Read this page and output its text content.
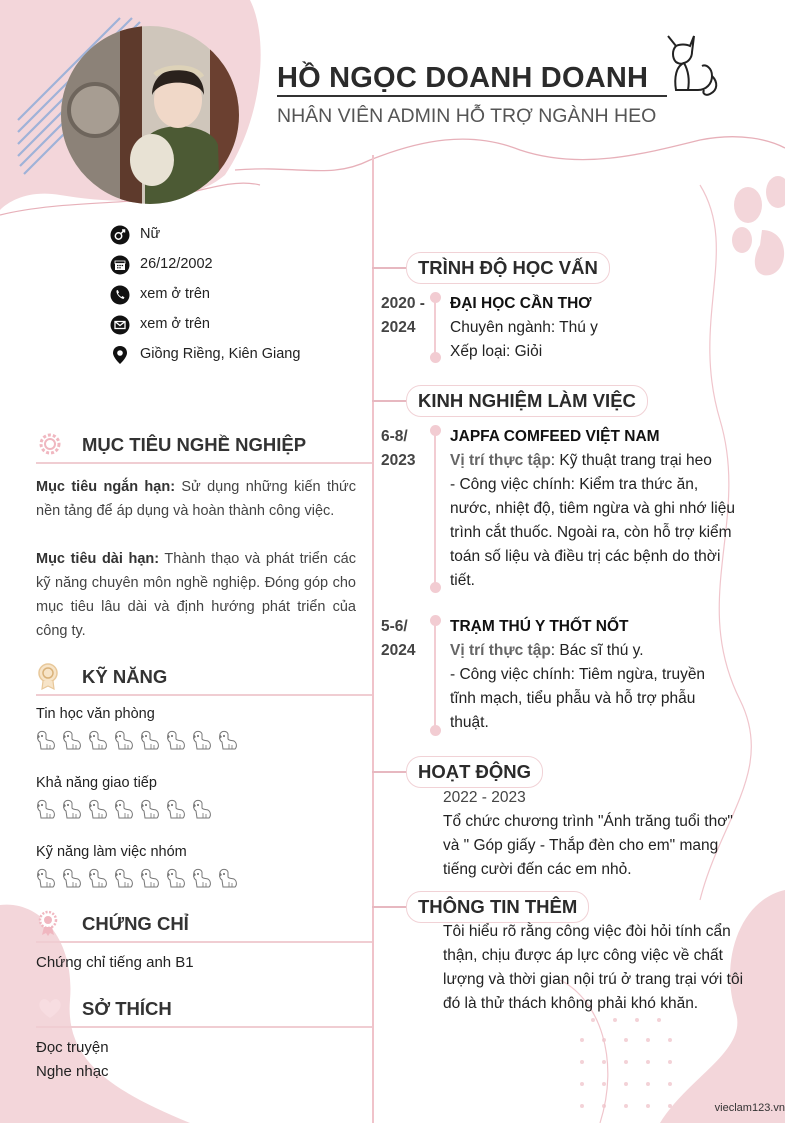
HỒ NGỌC DOANH DOANH
NHÂN VIÊN ADMIN HỖ TRỢ NGÀNH HEO
Nữ
26/12/2002
xem ở trên
xem ở trên
Giồng Riềng, Kiên Giang
MỤC TIÊU NGHỀ NGHIỆP
Mục tiêu ngắn hạn: Sử dụng những kiến thức nền tảng để áp dụng và hoàn thành công việc.
Mục tiêu dài hạn: Thành thạo và phát triển các kỹ năng chuyên môn nghề nghiệp. Đóng góp cho mục tiêu lâu dài và định hướng phát triển của công ty.
KỸ NĂNG
Tin học văn phòng
Khả năng giao tiếp
Kỹ năng làm việc nhóm
CHỨNG CHỈ
Chứng chỉ tiếng anh B1
SỞ THÍCH
Đọc truyện
Nghe nhạc
TRÌNH ĐỘ HỌC VẤN
2020 - 2024
ĐẠI HỌC CẦN THƠ
Chuyên ngành: Thú y
Xếp loại: Giỏi
KINH NGHIỆM LÀM VIỆC
6-8/ 2023
JAPFA COMFEED VIỆT NAM
Vị trí thực tập: Kỹ thuật trang trại heo
- Công việc chính: Kiểm tra thức ăn, nước, nhiệt độ, tiêm ngừa và ghi nhớ liệu trình cắt thuốc. Ngoài ra, còn hỗ trợ kiểm toán số liệu và điều trị các bệnh do thời tiết.
5-6/ 2024
TRẠM THÚ Y THỐT NỐT
Vị trí thực tập: Bác sĩ thú y.
- Công việc chính: Tiêm ngừa, truyền tĩnh mạch, tiểu phẫu và hỗ trợ phẫu thuật.
HOẠT ĐỘNG
2022 - 2023
Tổ chức chương trình "Ánh trăng tuổi thơ" và " Góp giấy - Thắp đèn cho em" mang tiếng cười đến các em nhỏ.
THÔNG TIN THÊM
Tôi hiểu rõ rằng công việc đòi hỏi tính cẩn thận, chịu được áp lực công việc về chất lượng và thời gian nội trú ở trang trại với tôi đó là thử thách không phải khó khăn.
vieclam123.vn
